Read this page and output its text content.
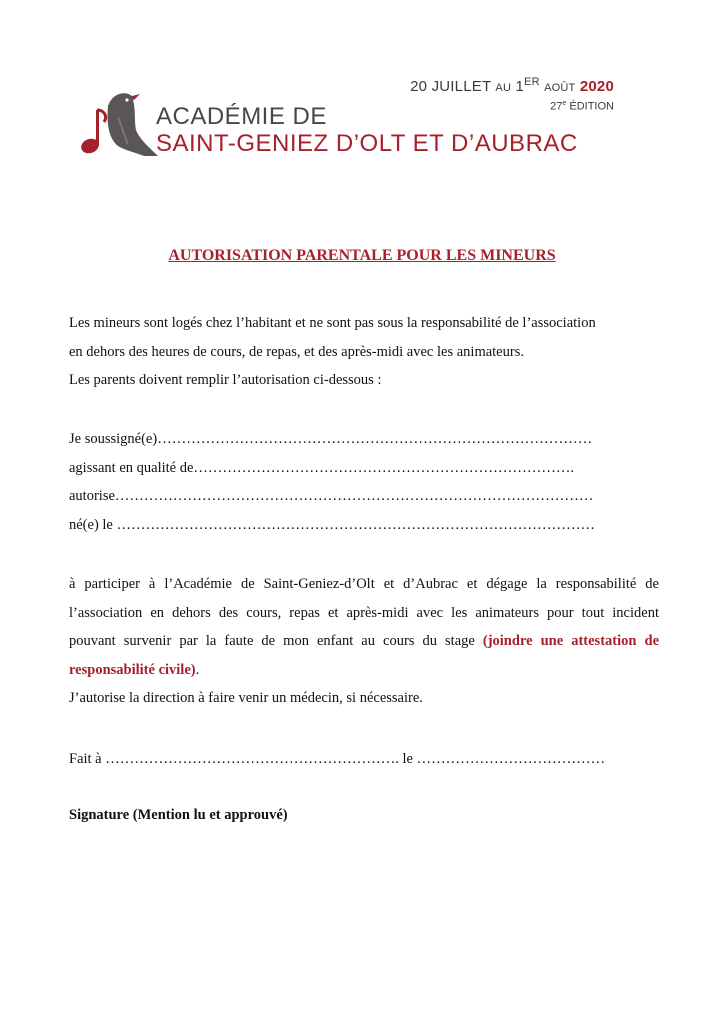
20 JUILLET AU 1ER AOÛT 2020
27e ÉDITION
ACADÉMIE DE
SAINT-GENIEZ D’OLT ET D’AUBRAC
AUTORISATION PARENTALE POUR LES MINEURS
Les mineurs sont logés chez l’habitant et ne sont pas sous la responsabilité de l’association
en dehors des heures de cours, de repas, et des après-midi avec les animateurs.
Les parents doivent remplir l’autorisation ci-dessous :
Je soussigné(e)………………………………………………………………………………
agissant en qualité de…………………………………………………………………….
autorise………………………………………………………………………………………
né(e) le ………………………………………………………………………………………
à participer à l’Académie de Saint-Geniez-d’Olt et d’Aubrac et dégage la responsabilité de
l’association en dehors des cours, repas et après-midi avec les animateurs pour tout incident
pouvant survenir par la faute de mon enfant au cours du stage (joindre une attestation de
responsabilité civile).
J’autorise la direction à faire venir un médecin, si nécessaire.
Fait à ……………………………………………………. le …………………………………
Signature (Mention lu et approuvé)
